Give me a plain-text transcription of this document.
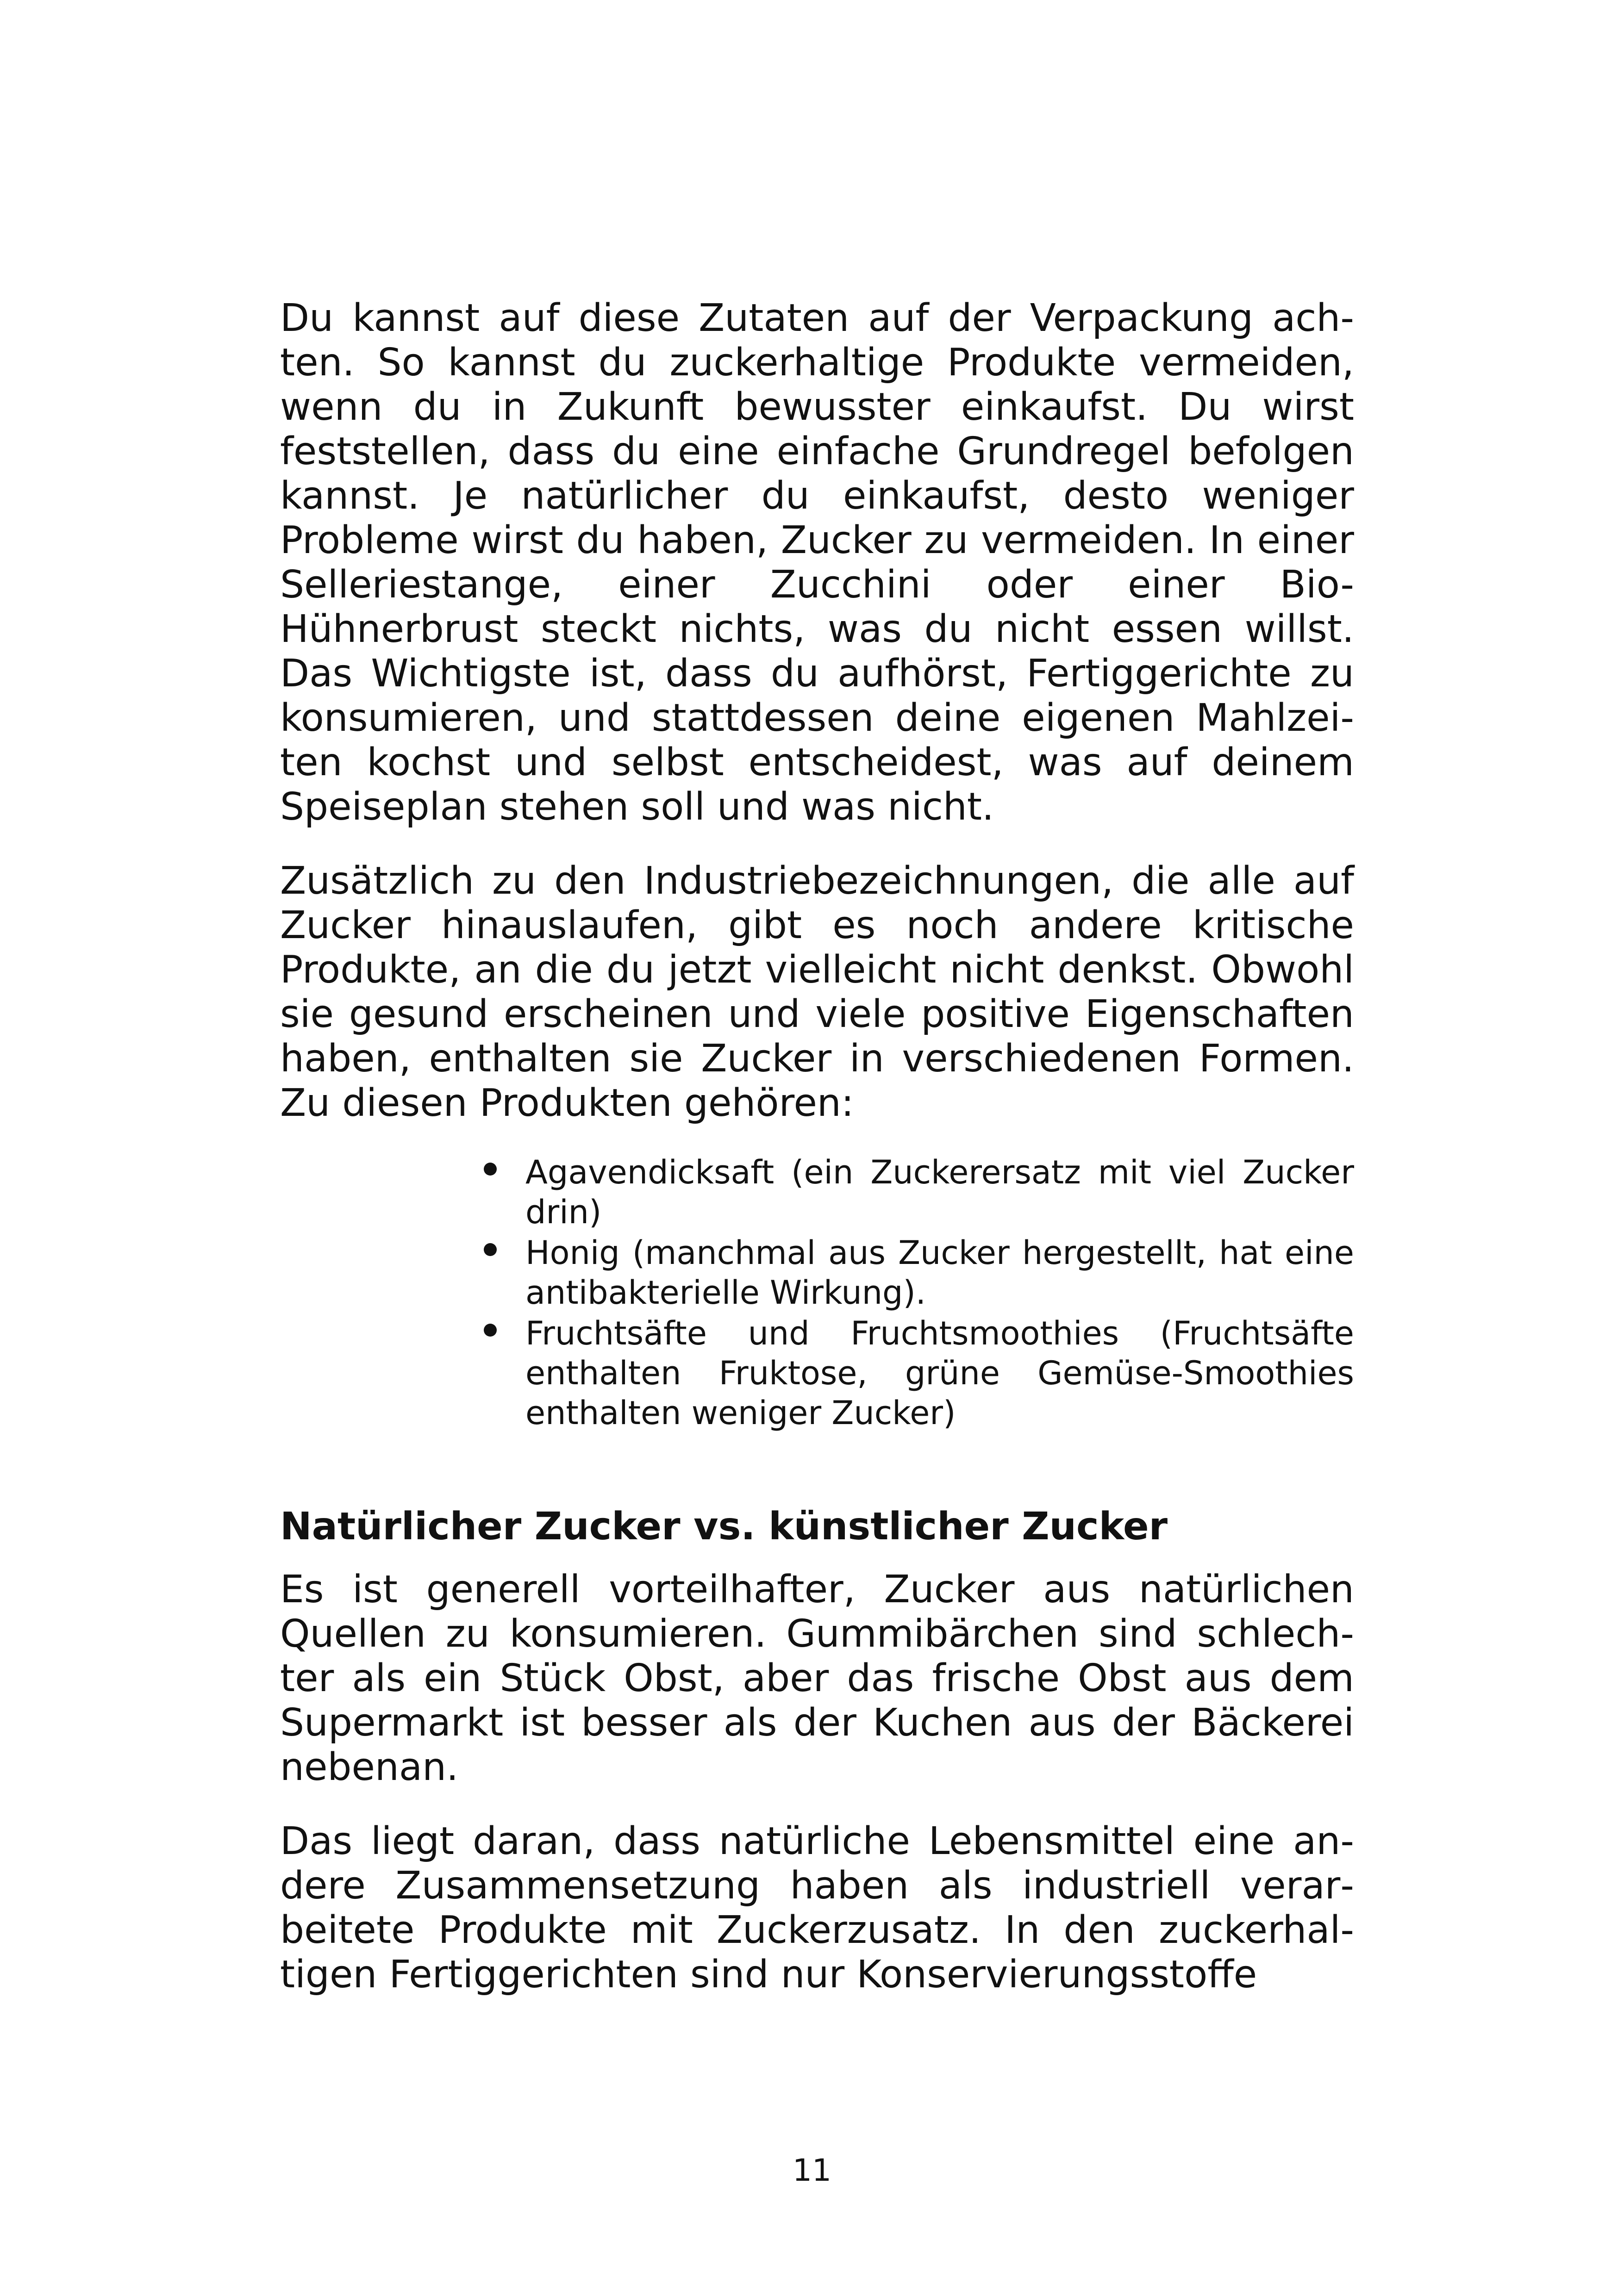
Du kannst auf diese Zutaten auf der Verpackung achten. So kannst du zuckerhaltige Produkte vermeiden, wenn du in Zukunft bewusster einkaufst. Du wirst feststellen, dass du eine einfache Grundregel befolgen kannst. Je natürlicher du einkaufst, desto weniger Probleme wirst du haben, Zucker zu vermeiden. In einer Selleriestange, einer Zucchini oder einer Bio-Hühnerbrust steckt nichts, was du nicht essen willst. Das Wichtigste ist, dass du aufhörst, Fertiggerichte zu konsumieren, und stattdessen deine eigenen Mahlzeiten kochst und selbst entscheidest, was auf deinem Speiseplan stehen soll und was nicht.

Zusätzlich zu den Industriebezeichnungen, die alle auf Zucker hinauslaufen, gibt es noch andere kritische Produkte, an die du jetzt vielleicht nicht denkst. Obwohl sie gesund erscheinen und viele positive Eigenschaften haben, enthalten sie Zucker in verschiedenen Formen. Zu diesen Produkten gehören:

Agavendicksaft (ein Zuckerersatz mit viel Zucker drin)
Honig (manchmal aus Zucker hergestellt, hat eine antibakterielle Wirkung).
Fruchtsäfte und Fruchtsmoothies (Fruchtsäfte enthalten Fruktose, grüne Gemüse-Smoothies enthalten weniger Zucker)
Natürlicher Zucker vs. künstlicher Zucker

Es ist generell vorteilhafter, Zucker aus natürlichen Quellen zu konsumieren. Gummibärchen sind schlechter als ein Stück Obst, aber das frische Obst aus dem Supermarkt ist besser als der Kuchen aus der Bäckerei nebenan.

Das liegt daran, dass natürliche Lebensmittel eine andere Zusammensetzung haben als industriell verarbeitete Produkte mit Zuckerzusatz. In den zuckerhaltigen Fertiggerichten sind nur Konservierungsstoffe

11
